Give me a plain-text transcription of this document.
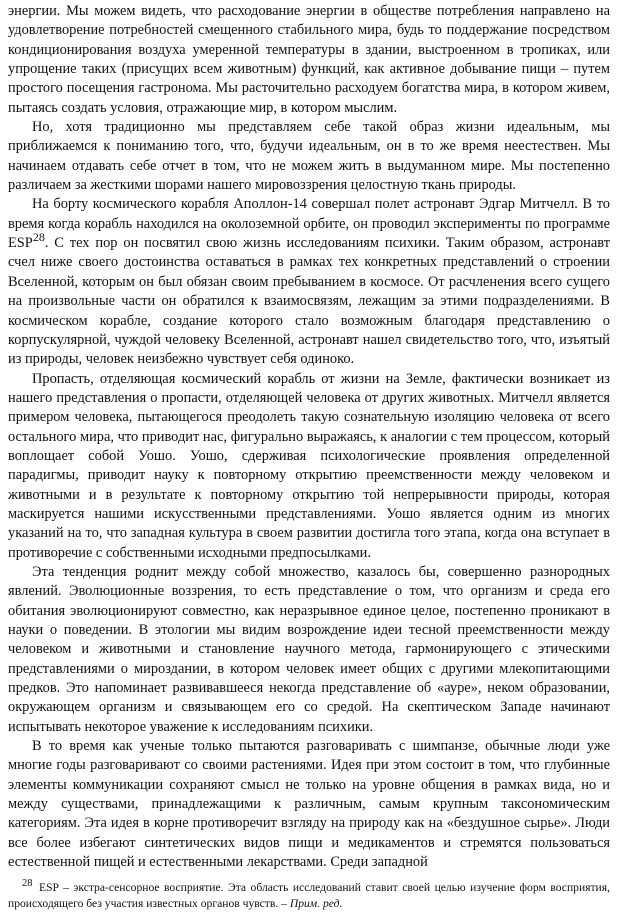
энергии. Мы можем видеть, что расходование энергии в обществе потребления направлено на удовлетворение потребностей смещенного стабильного мира, будь то поддержание посредством кондиционирования воздуха умеренной температуры в здании, выстроенном в тропиках, или упрощение таких (присущих всем животным) функций, как активное добывание пищи – путем простого посещения гастронома. Мы расточительно расходуем богатства мира, в котором живем, пытаясь создать условия, отражающие мир, в котором мыслим.

Но, хотя традиционно мы представляем себе такой образ жизни идеальным, мы приближаемся к пониманию того, что, будучи идеальным, он в то же время неестествен. Мы начинаем отдавать себе отчет в том, что не можем жить в выдуманном мире. Мы постепенно различаем за жесткими шорами нашего мировоззрения целостную ткань природы.

На борту космического корабля Аполлон-14 совершал полет астронавт Эдгар Митчелл. В то время когда корабль находился на околоземной орбите, он проводил эксперименты по программе ESP$^{28}$. С тех пор он посвятил свою жизнь исследованиям психики. Таким образом, астронавт счел ниже своего достоинства оставаться в рамках тех конкретных представлений о строении Вселенной, которым он был обязан своим пребыванием в космосе. От расчленения всего сущего на произвольные части он обратился к взаимосвязям, лежащим за этими подразделениями. В космическом корабле, создание которого стало возможным благодаря представлению о корпускулярной, чуждой человеку Вселенной, астронавт нашел свидетельство того, что, изъятый из природы, человек неизбежно чувствует себя одиноко.

Пропасть, отделяющая космический корабль от жизни на Земле, фактически возникает из нашего представления о пропасти, отделяющей человека от других животных. Митчелл является примером человека, пытающегося преодолеть такую сознательную изоляцию человека от всего остального мира, что приводит нас, фигурально выражаясь, к аналогии с тем процессом, который воплощает собой Уошо. Уошо, сдерживая психологические проявления определенной парадигмы, приводит науку к повторному открытию преемственности между человеком и животными и в результате к повторному открытию той непрерывности природы, которая маскируется нашими искусственными представлениями. Уошо является одним из многих указаний на то, что западная культура в своем развитии достигла того этапа, когда она вступает в противоречие с собственными исходными предпосылками.

Эта тенденция роднит между собой множество, казалось бы, совершенно разнородных явлений. Эволюционные воззрения, то есть представление о том, что организм и среда его обитания эволюционируют совместно, как неразрывное единое целое, постепенно проникают в науки о поведении. В этологии мы видим возрождение идеи тесной преемственности между человеком и животными и становление научного метода, гармонирующего с этическими представлениями о мироздании, в котором человек имеет общих с другими млекопитающими предков. Это напоминает развивавшееся некогда представление об «ауре», неком образовании, окружающем организм и связывающем его со средой. На скептическом Западе начинают испытывать некоторое уважение к исследованиям психики.

В то время как ученые только пытаются разговаривать с шимпанзе, обычные люди уже многие годы разговаривают со своими растениями. Идея при этом состоит в том, что глубинные элементы коммуникации сохраняют смысл не только на уровне общения в рамках вида, но и между существами, принадлежащими к различным, самым крупным таксономическим категориям. Эта идея в корне противоречит взгляду на природу как на «бездушное сырье». Люди все более избегают синтетических видов пищи и медикаментов и стремятся пользоваться естественной пищей и естественными лекарствами. Среди западной

28 ESP – экстра-сенсорное восприятие. Эта область исследований ставит своей целью изучение форм восприятия, происходящего без участия известных органов чувств. – Прим. ред.
